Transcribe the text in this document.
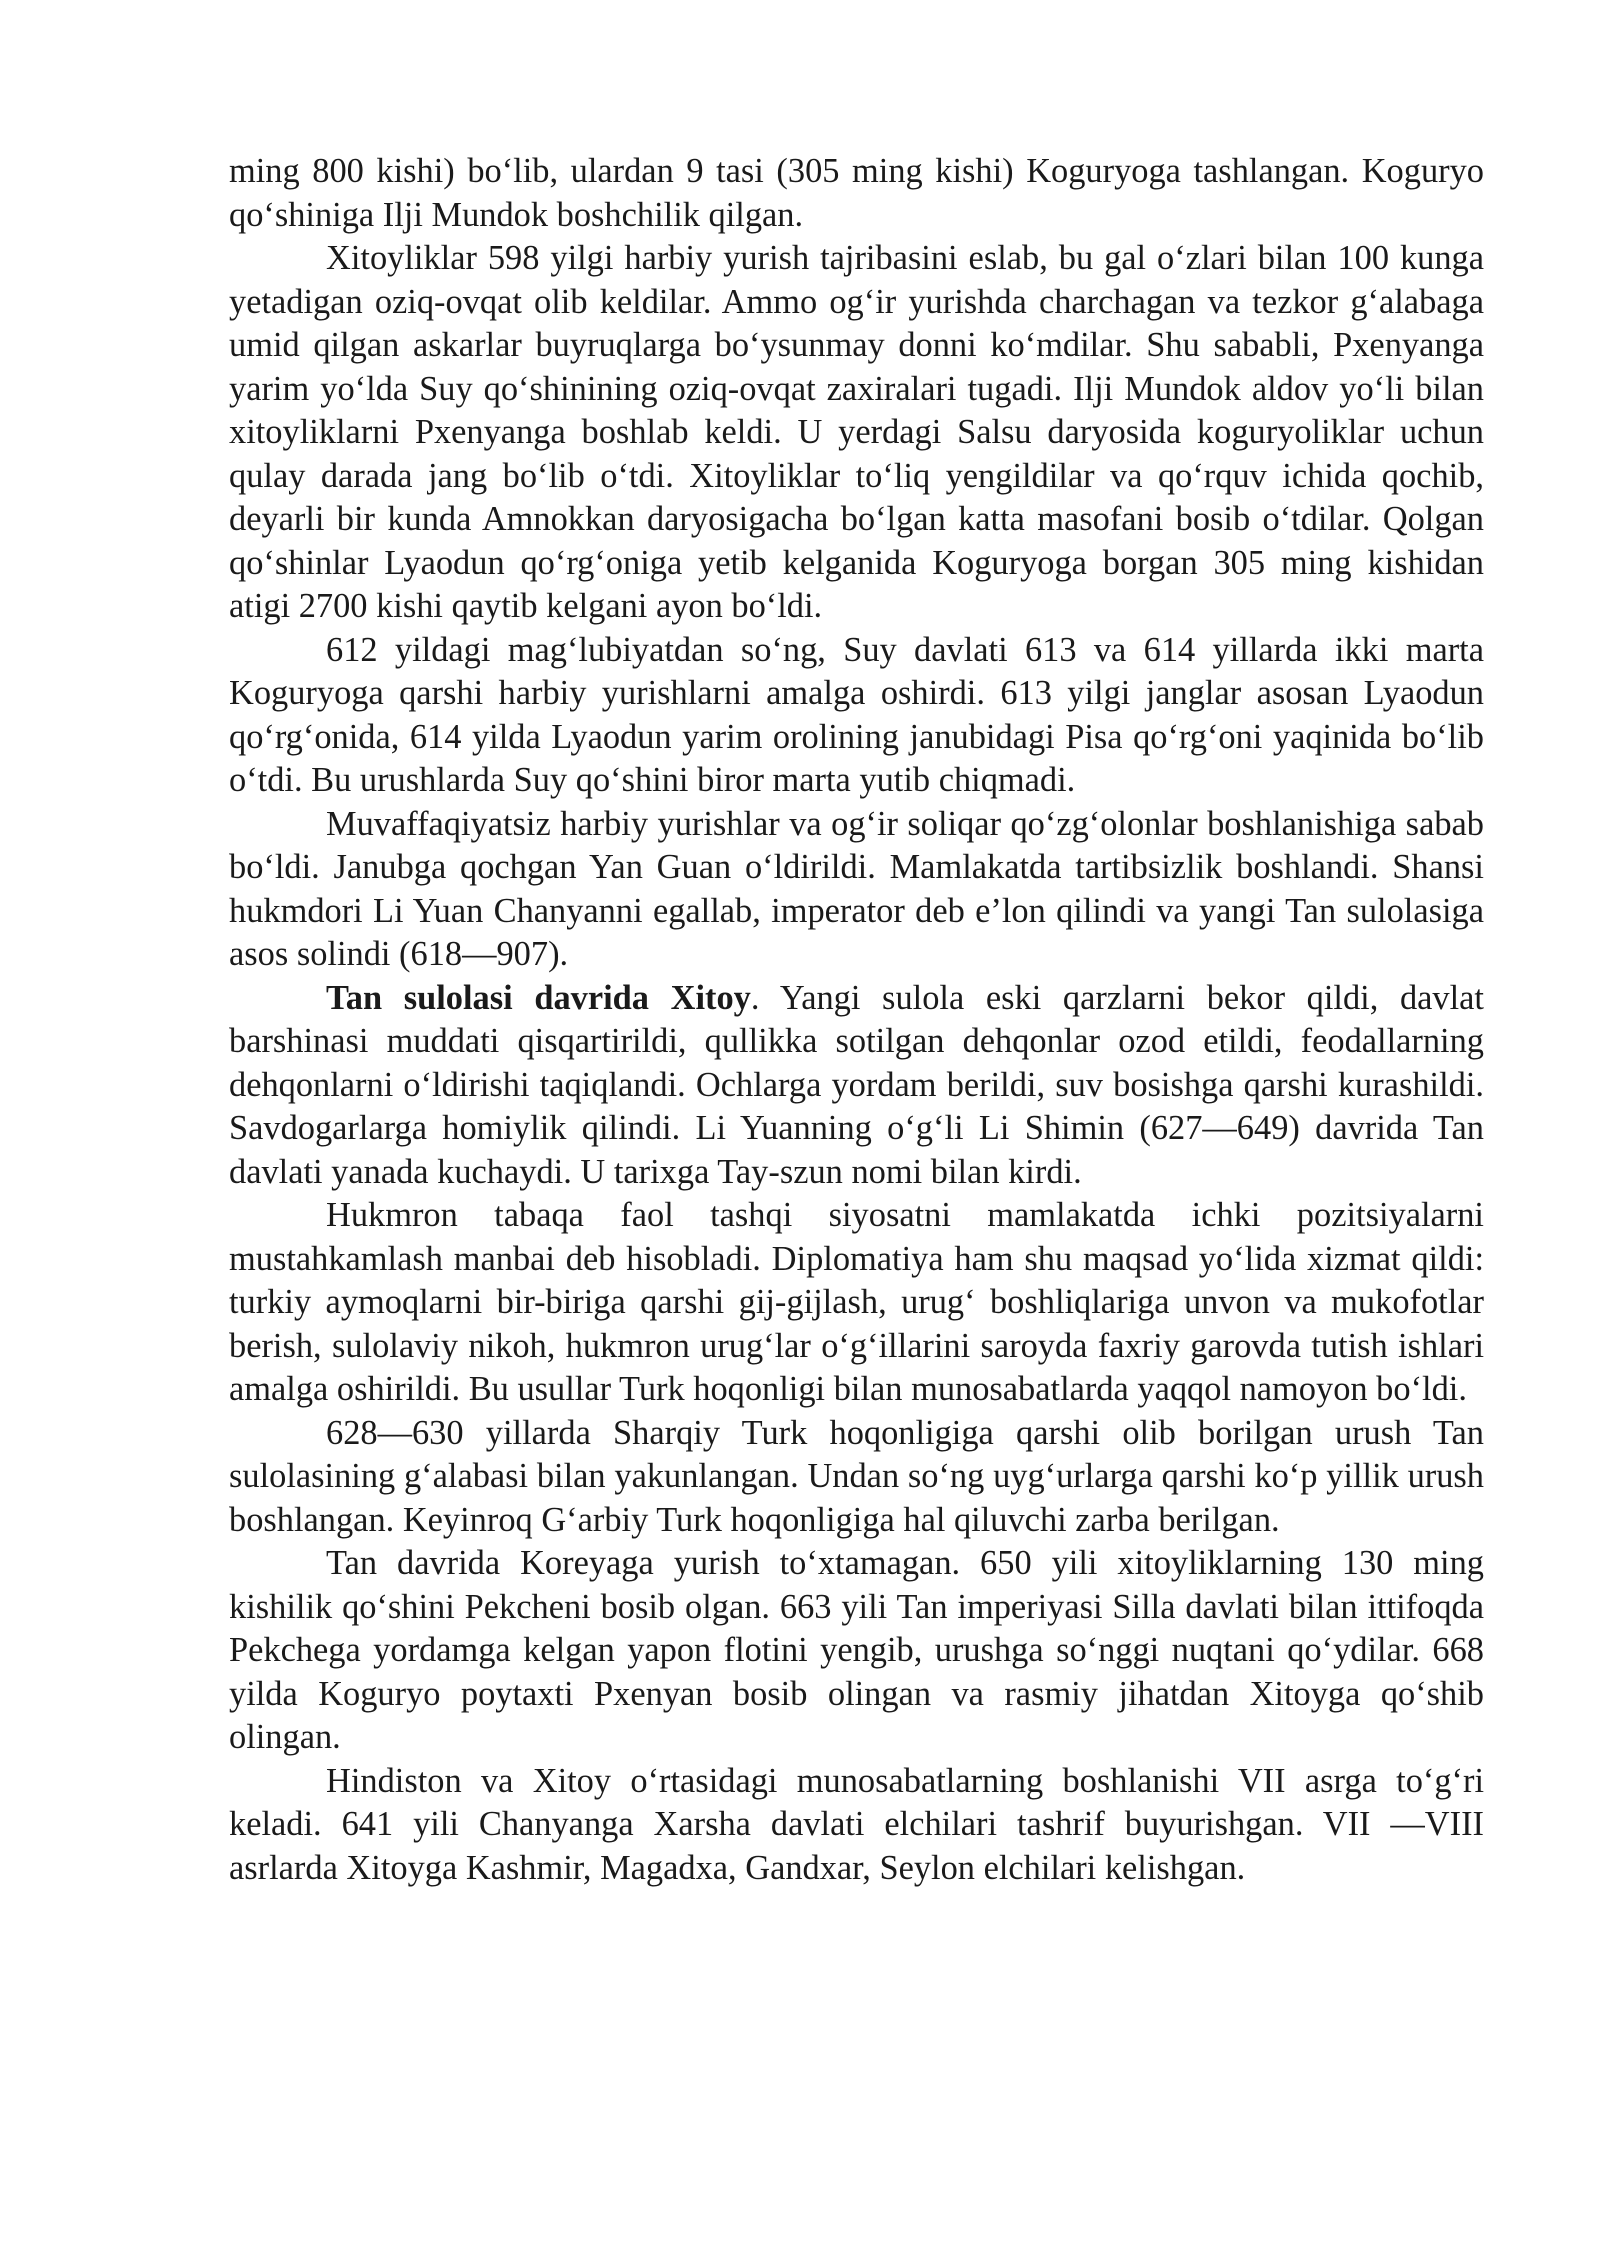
ming 800 kishi) boʻlib, ulardan 9 tasi (305 ming kishi) Koguryoga tashlangan. Koguryo qoʻshiniga Ilji Mundok boshchilik qilgan.

Xitoyliklar 598 yilgi harbiy yurish tajribasini eslab, bu gal oʻzlari bilan 100 kunga yetadigan oziq-ovqat olib keldilar. Ammo ogʻir yurishda charchagan va tezkor gʻalabaga umid qilgan askarlar buyruqlarga boʻysunmay donni koʻmdilar. Shu sababli, Pxenyanga yarim yoʻlda Suy qoʻshinining oziq-ovqat zaxiralari tugadi. Ilji Mundok aldov yoʻli bilan xitoyliklarni Pxenyanga boshlab keldi. U yerdagi Salsu daryosida koguryoliklar uchun qulay darada jang boʻlib oʻtdi. Xitoyliklar toʻliq yengildilar va qoʻrquv ichida qochib, deyarli bir kunda Amnokkan daryosigacha boʻlgan katta masofani bosib oʻtdilar. Qolgan qoʻshinlar Lyaodun qoʻrgʻoniga yetib kelganida Koguryoga borgan 305 ming kishidan atigi 2700 kishi qaytib kelgani ayon boʻldi.

612 yildagi magʻlubiyatdan soʻng, Suy davlati 613 va 614 yillarda ikki marta Koguryoga qarshi harbiy yurishlarni amalga oshirdi. 613 yilgi janglar asosan Lyaodun qoʻrgʻonida, 614 yilda Lyaodun yarim orolining janubidagi Pisa qoʻrgʻoni yaqinida boʻlib oʻtdi. Bu urushlarda Suy qoʻshini biror marta yutib chiqmadi.

Muvaffaqiyatsiz harbiy yurishlar va ogʻir soliqar qoʻzgʻolonlar boshlanishiga sabab boʻldi. Janubga qochgan Yan Guan oʻldirildi. Mamlakatda tartibsizlik boshlandi. Shansi hukmdori Li Yuan Chanyanni egallab, imperator deb e’lon qilindi va yangi Tan sulolasiga asos solindi (618—907).

Tan sulolasi davrida Xitoy. Yangi sulola eski qarzlarni bekor qildi, davlat barshinasi muddati qisqartirildi, qullikka sotilgan dehqonlar ozod etildi, feodallarning dehqonlarni oʻldirishi taqiqlandi. Ochlarga yordam berildi, suv bosishga qarshi kurashildi. Savdogarlarga homiylik qilindi. Li Yuanning oʻgʻli Li Shimin (627—649) davrida Tan davlati yanada kuchaydi. U tarixga Tay-szun nomi bilan kirdi.

Hukmron tabaqa faol tashqi siyosatni mamlakatda ichki pozitsiyalarni mustahkamlash manbai deb hisobladi. Diplomatiya ham shu maqsad yoʻlida xizmat qildi: turkiy aymoqlarni bir-biriga qarshi gij-gijlash, urugʻ boshliqlariga unvon va mukofotlar berish, sulolaviy nikoh, hukmron urugʻlar oʻgʻillarini saroyda faxriy garovda tutish ishlari amalga oshirildi. Bu usullar Turk hoqonligi bilan munosabatlarda yaqqol namoyon boʻldi.

628—630 yillarda Sharqiy Turk hoqonligiga qarshi olib borilgan urush Tan sulolasining gʻalabasi bilan yakunlangan. Undan soʻng uygʻurlarga qarshi koʻp yillik urush boshlangan. Keyinroq Gʻarbiy Turk hoqonligiga hal qiluvchi zarba berilgan.

Tan davrida Koreyaga yurish toʻxtamagan. 650 yili xitoyliklarning 130 ming kishilik qoʻshini Pekcheni bosib olgan. 663 yili Tan imperiyasi Silla davlati bilan ittifoqda Pekchega yordamga kelgan yapon flotini yengib, urushga soʻnggi nuqtani qoʻydilar. 668 yilda Koguryo poytaxti Pxenyan bosib olingan va rasmiy jihatdan Xitoyga qoʻshib olingan.

Hindiston va Xitoy oʻrtasidagi munosabatlarning boshlanishi VII asrga toʻgʻri keladi. 641 yili Chanyanga Xarsha davlati elchilari tashrif buyurishgan. VII —VIII asrlarda Xitoyga Kashmir, Magadxa, Gandxar, Seylon elchilari kelishgan.
